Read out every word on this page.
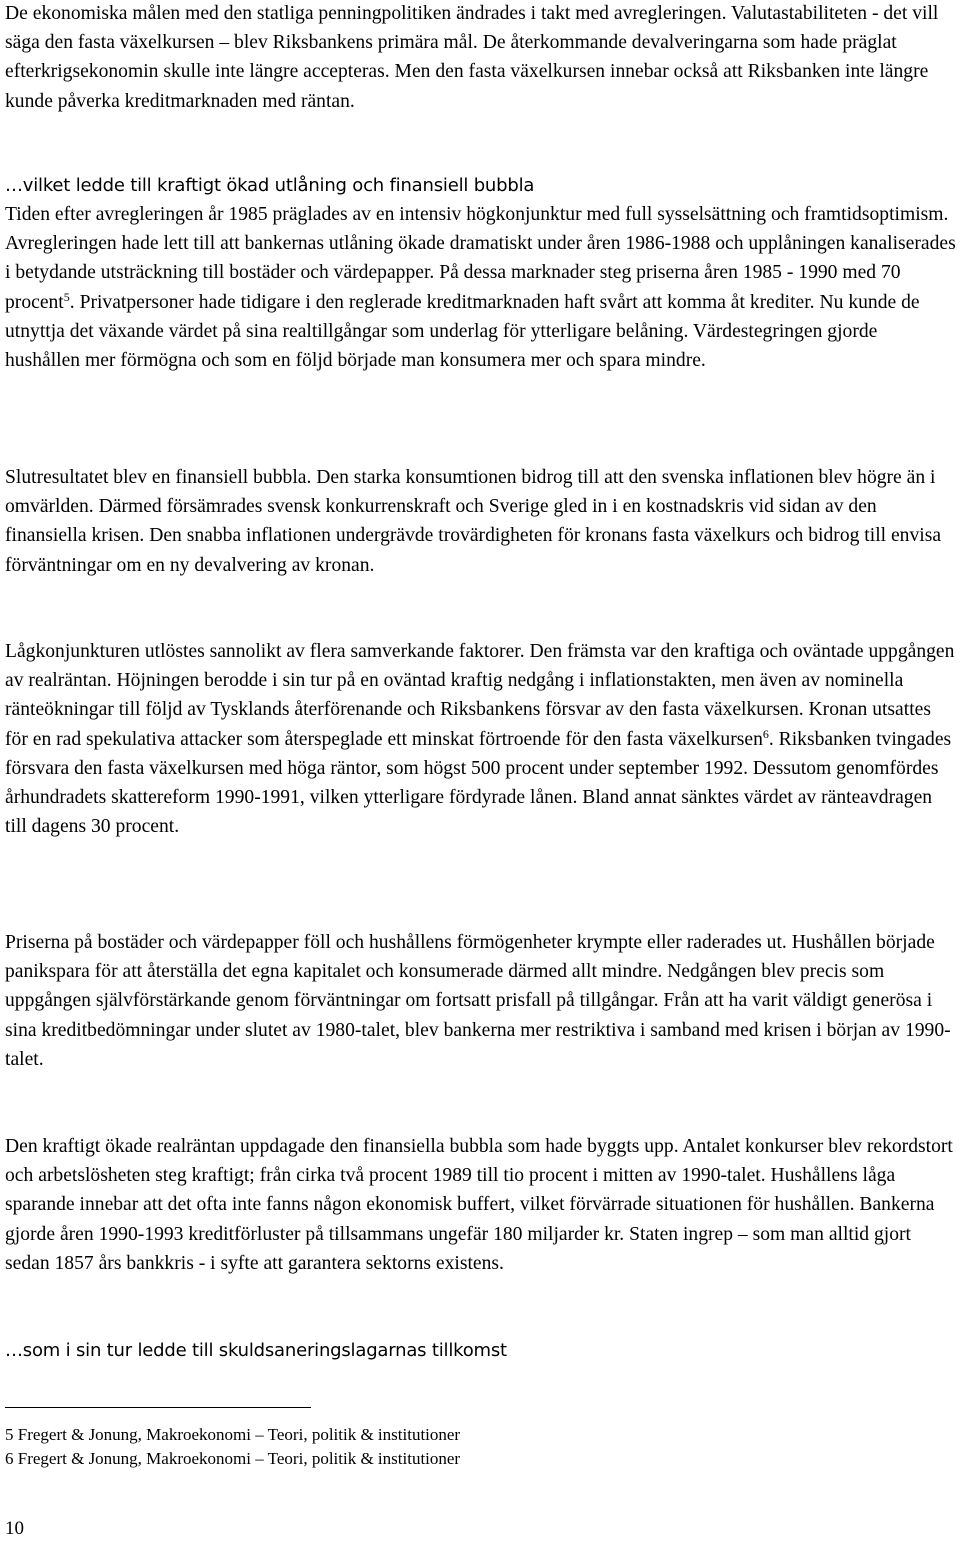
De ekonomiska målen med den statliga penningpolitiken ändrades i takt med avregleringen. Valutastabiliteten - det vill säga den fasta växelkursen – blev Riksbankens primära mål. De återkommande devalveringarna som hade präglat efterkrigsekonomin skulle inte längre accepteras. Men den fasta växelkursen innebar också att Riksbanken inte längre kunde påverka kreditmarknaden med räntan.

…vilket ledde till kraftigt ökad utlåning och finansiell bubbla

Tiden efter avregleringen år 1985 präglades av en intensiv högkonjunktur med full sysselsättning och framtidsoptimism. Avregleringen hade lett till att bankernas utlåning ökade dramatiskt under åren 1986-1988 och upplåningen kanaliserades i betydande utsträckning till bostäder och värdepapper. På dessa marknader steg priserna åren 1985 - 1990 med 70 procent$^5$. Privatpersoner hade tidigare i den reglerade kreditmarknaden haft svårt att komma åt krediter. Nu kunde de utnyttja det växande värdet på sina realtillgångar som underlag för ytterligare belåning. Värdestegringen gjorde hushållen mer förmögna och som en följd började man konsumera mer och spara mindre.

Slutresultatet blev en finansiell bubbla. Den starka konsumtionen bidrog till att den svenska inflationen blev högre än i omvärlden. Därmed försämrades svensk konkurrenskraft och Sverige gled in i en kostnadskris vid sidan av den finansiella krisen. Den snabba inflationen undergrävde trovärdigheten för kronans fasta växelkurs och bidrog till envisa förväntningar om en ny devalvering av kronan.

Lågkonjunkturen utlöstes sannolikt av flera samverkande faktorer. Den främsta var den kraftiga och oväntade uppgången av realräntan. Höjningen berodde i sin tur på en oväntad kraftig nedgång i inflationstakten, men även av nominella ränteökningar till följd av Tysklands återförenande och Riksbankens försvar av den fasta växelkursen. Kronan utsattes för en rad spekulativa attacker som återspeglade ett minskat förtroende för den fasta växelkursen$^6$. Riksbanken tvingades försvara den fasta växelkursen med höga räntor, som högst 500 procent under september 1992. Dessutom genomfördes århundradets skattereform 1990-1991, vilken ytterligare fördyrade lånen. Bland annat sänktes värdet av ränteavdragen till dagens 30 procent.

Priserna på bostäder och värdepapper föll och hushållens förmögenheter krympte eller raderades ut. Hushållen började panikspara för att återställa det egna kapitalet och konsumerade därmed allt mindre. Nedgången blev precis som uppgången självförstärkande genom förväntningar om fortsatt prisfall på tillgångar. Från att ha varit väldigt generösa i sina kreditbedömningar under slutet av 1980-talet, blev bankerna mer restriktiva i samband med krisen i början av 1990-talet.

Den kraftigt ökade realräntan uppdagade den finansiella bubbla som hade byggts upp. Antalet konkurser blev rekordstort och arbetslösheten steg kraftigt; från cirka två procent 1989 till tio procent i mitten av 1990-talet. Hushållens låga sparande innebar att det ofta inte fanns någon ekonomisk buffert, vilket förvärrade situationen för hushållen. Bankerna gjorde åren 1990-1993 kreditförluster på tillsammans ungefär 180 miljarder kr. Staten ingrep – som man alltid gjort sedan 1857 års bankkris - i syfte att garantera sektorns existens.

…som i sin tur ledde till skuldsaneringslagarnas tillkomst
5 Fregert & Jonung, Makroekonomi – Teori, politik & institutioner
6 Fregert & Jonung, Makroekonomi – Teori, politik & institutioner
10
